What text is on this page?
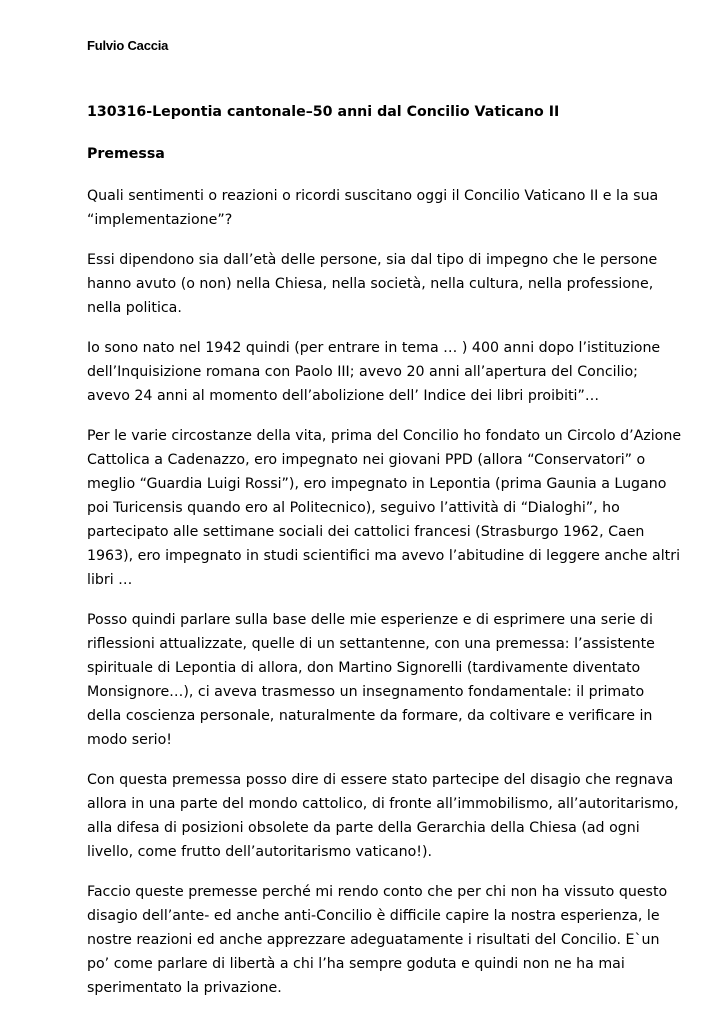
Fulvio Caccia

130316-Lepontia cantonale–50 anni dal Concilio Vaticano II

Premessa

Quali sentimenti o reazioni o ricordi suscitano oggi il Concilio Vaticano II e la sua “implementazione”?

Essi dipendono sia dall’età delle persone, sia dal tipo di impegno che le persone hanno avuto (o non) nella Chiesa, nella società, nella cultura, nella professione, nella politica.

Io sono nato nel 1942 quindi (per entrare in tema … ) 400 anni dopo l’istituzione dell’Inquisizione romana con Paolo III; avevo 20 anni all’apertura del Concilio; avevo 24 anni al momento dell’abolizione dell’ Indice dei libri proibiti”…

Per le varie circostanze della vita, prima del Concilio ho fondato un Circolo d’Azione Cattolica a Cadenazzo, ero impegnato nei giovani PPD (allora “Conservatori” o meglio “Guardia Luigi Rossi”), ero impegnato in Lepontia (prima Gaunia a Lugano poi Turicensis quando ero al Politecnico), seguivo l’attività di “Dialoghi”, ho partecipato alle settimane sociali dei cattolici francesi (Strasburgo 1962, Caen 1963), ero impegnato in studi scientifici ma avevo l’abitudine di leggere anche altri libri …

Posso quindi parlare sulla base delle mie esperienze e di esprimere una serie di riflessioni attualizzate, quelle di un settantenne, con una premessa: l’assistente spirituale di Lepontia di allora, don Martino Signorelli (tardivamente diventato Monsignore…), ci aveva trasmesso un insegnamento fondamentale: il primato della coscienza personale, naturalmente da formare, da coltivare e verificare in modo serio!

Con questa premessa posso dire di essere stato partecipe del disagio che regnava allora in una parte del mondo cattolico, di fronte all’immobilismo, all’autoritarismo, alla difesa di posizioni obsolete da parte della Gerarchia della Chiesa (ad ogni livello, come frutto dell’autoritarismo vaticano!).

Faccio queste premesse perché mi rendo conto che per chi non ha vissuto questo disagio dell’ante- ed anche anti-Concilio è difficile capire la nostra esperienza, le nostre reazioni ed anche apprezzare adeguatamente i risultati del Concilio. E`un po’ come parlare di libertà a chi l’ha sempre goduta e quindi non ne ha mai sperimentato la privazione.
